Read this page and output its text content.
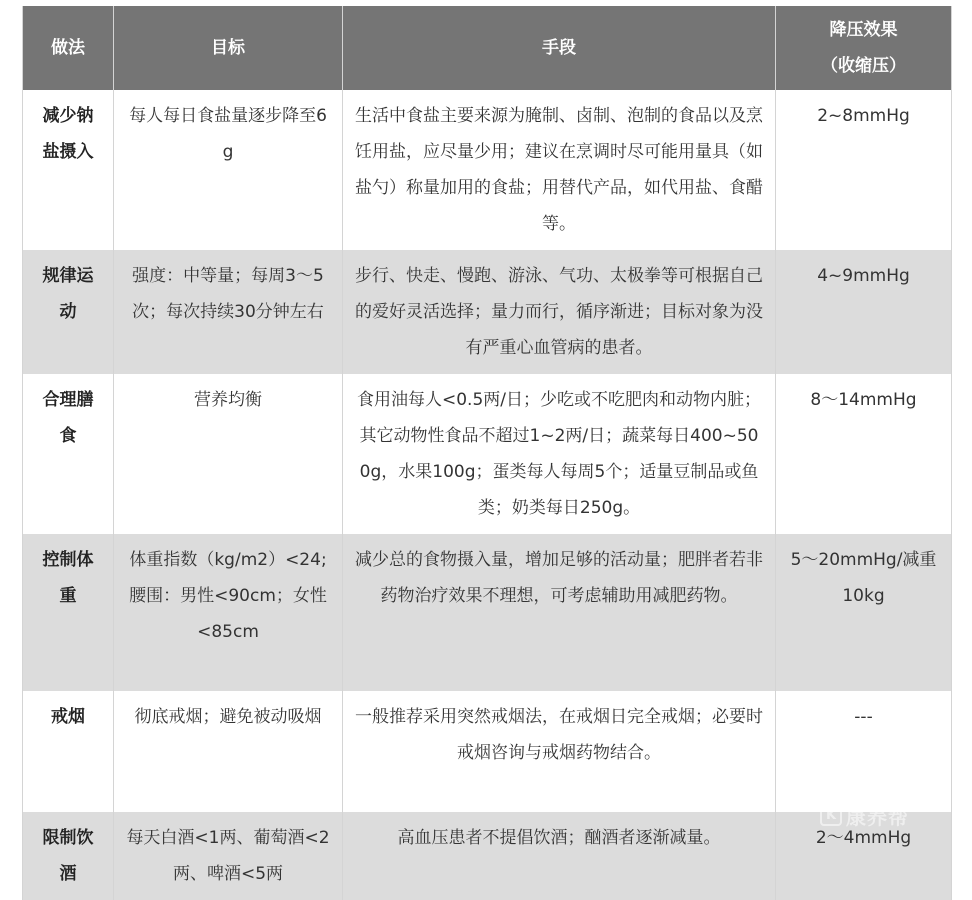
做法	目标	手段	降压效果
（收缩压）
减少钠盐摄入	每人每日食盐量逐步降至6g	生活中食盐主要来源为腌制、卤制、泡制的食品以及烹饪用盐，应尽量少用；建议在烹调时尽可能用量具（如盐勺）称量加用的食盐；用替代产品，如代用盐、食醋等。	2~8mmHg
规律运动	强度：中等量；每周3～5次；每次持续30分钟左右	步行、快走、慢跑、游泳、气功、太极拳等可根据自己的爱好灵活选择；量力而行，循序渐进；目标对象为没有严重心血管病的患者。	4~9mmHg
合理膳食	营养均衡	食用油每人<0.5两/日；少吃或不吃肥肉和动物内脏；其它动物性食品不超过1~2两/日；蔬菜每日400~500g，水果100g；蛋类每人每周5个；适量豆制品或鱼类；奶类每日250g。	8～14mmHg
控制体重	体重指数（kg/m2）<24; 腰围：男性<90cm；女性<85cm	减少总的食物摄入量，增加足够的活动量；肥胖者若非药物治疗效果不理想，可考虑辅助用减肥药物。	5～20mmHg/减重10kg
戒烟	彻底戒烟；避免被动吸烟	一般推荐采用突然戒烟法，在戒烟日完全戒烟；必要时戒烟咨询与戒烟药物结合。	---
限制饮酒	每天白酒<1两、葡萄酒<2两、啤酒<5两	高血压患者不提倡饮酒；酗酒者逐渐减量。	2～4mmHg
K 康养帮
